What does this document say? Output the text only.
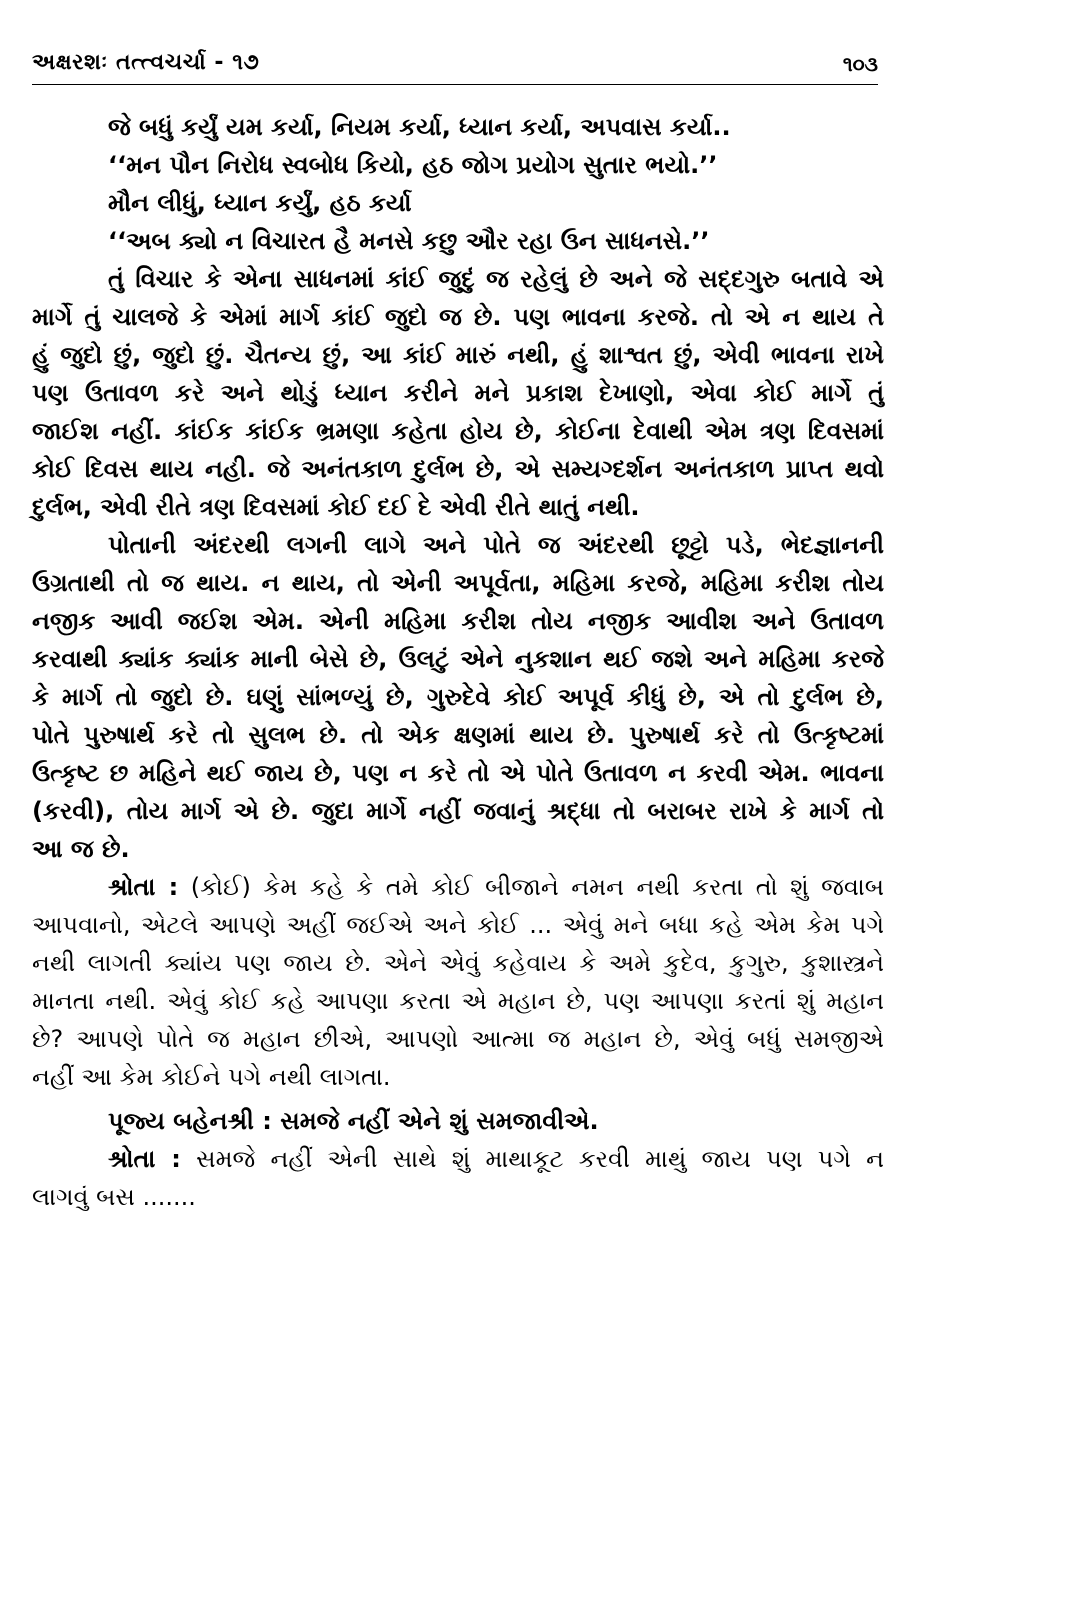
અક્ષરશઃ તત્ત્વચર્ચા - ૧૭	૧૦૩
જે બધું કર્યું યમ કર્યા, નિયમ કર્યા, ધ્યાન કર્યા, અપવાસ કર્યા..
‘‘મન પૌન નિરોધ સ્વબોધ કિયો, હઠ જોગ પ્રયોગ સુતાર ભયો.’’
મૌન લીધું, ધ્યાન કર્યું, હઠ કર્યા
‘‘અબ ક્યો ન વિચારત હૈ મનસે કછુ ઔર રહા ઉન સાધનસે.’’
તું વિચાર કે એના સાધનમાં કાંઈ જુદું જ રહેલું છે અને જે સદ્દગુરુ બતાવે એ
માર્ગે તું ચાલજે કે એમાં માર્ગ કાંઈ જુદો જ છે. પણ ભાવના કરજે. તો એ ન થાય તે
હું જુદો છું, જુદો છું. ચૈતન્ય છું, આ કાંઈ મારું નથી, હું શાશ્વત છું, એવી ભાવના રાખે
પણ ઉતાવળ કરે અને થોડું ધ્યાન કરીને મને પ્રકાશ દેખાણો, એવા કોઈ માર્ગે તું
જાઈશ નહીં. કાંઈક કાંઈક ભ્રમણા કહેતા હોય છે, કોઈના દેવાથી એમ ત્રણ દિવસમાં
કોઈ દિવસ થાય નહી. જે અનંતકાળ દુર્લભ છે, એ સમ્યગ્દર્શન અનંતકાળ પ્રાપ્ત થવો
દુર્લભ, એવી રીતે ત્રણ દિવસમાં કોઈ દઈ દે એવી રીતે થાતું નથી.
પોતાની અંદરથી લગની લાગે અને પોતે જ અંદરથી છૂટ્ટો પડે, ભેદજ્ઞાનની
ઉગ્રતાથી તો જ થાય. ન થાય, તો એની અપૂર્વતા, મહિમા કરજે, મહિમા કરીશ તોય
નજીક આવી જઈશ એમ. એની મહિમા કરીશ તોય નજીક આવીશ અને ઉતાવળ
કરવાથી ક્યાંક ક્યાંક માની બેસે છે, ઉલટું એને નુકશાન થઈ જશે અને મહિમા કરજે
કે માર્ગ તો જુદો છે. ઘણું સાંભળ્યું છે, ગુરુદેવે કોઈ અપૂર્વ કીધું છે, એ તો દુર્લભ છે,
પોતે પુરુષાર્થ કરે તો સુલભ છે. તો એક ક્ષણમાં થાય છે. પુરુષાર્થ કરે તો ઉત્કૃષ્ટમાં
ઉત્કૃષ્ટ છ મહિને થઈ જાય છે, પણ ન કરે તો એ પોતે ઉતાવળ ન કરવી એમ. ભાવના
(કરવી), તોય માર્ગ એ છે. જુદા માર્ગે નહીં જવાનું શ્રદ્ધા તો બરાબર રાખે કે માર્ગ તો
આ જ છે.
શ્રોતા : (કોઈ) કેમ કહે કે તમે કોઈ બીજાને નમન નથી કરતા તો શું જવાબ
આપવાનો, એટલે આપણે અહીં જઈએ અને કોઈ ... એવું મને બધા કહે એમ કેમ પગે
નથી લાગતી ક્યાંય પણ જાય છે. એને એવું કહેવાય કે અમે કુદેવ, કુગુરુ, કુશાસ્ત્રને
માનતા નથી. એવું કોઈ કહે આપણા કરતા એ મહાન છે, પણ આપણા કરતાં શું મહાન
છે? આપણે પોતે જ મહાન છીએ, આપણો આત્મા જ મહાન છે, એવું બધું સમજીએ
નહીં આ કેમ કોઈને પગે નથી લાગતા.
પૂજ્ય બહેનશ્રી : સમજે નહીં એને શું સમજાવીએ.
શ્રોતા : સમજે નહીં એની સાથે શું માથાકૂટ કરવી માથું જાય પણ પગે ન
લાગવું બસ .......
